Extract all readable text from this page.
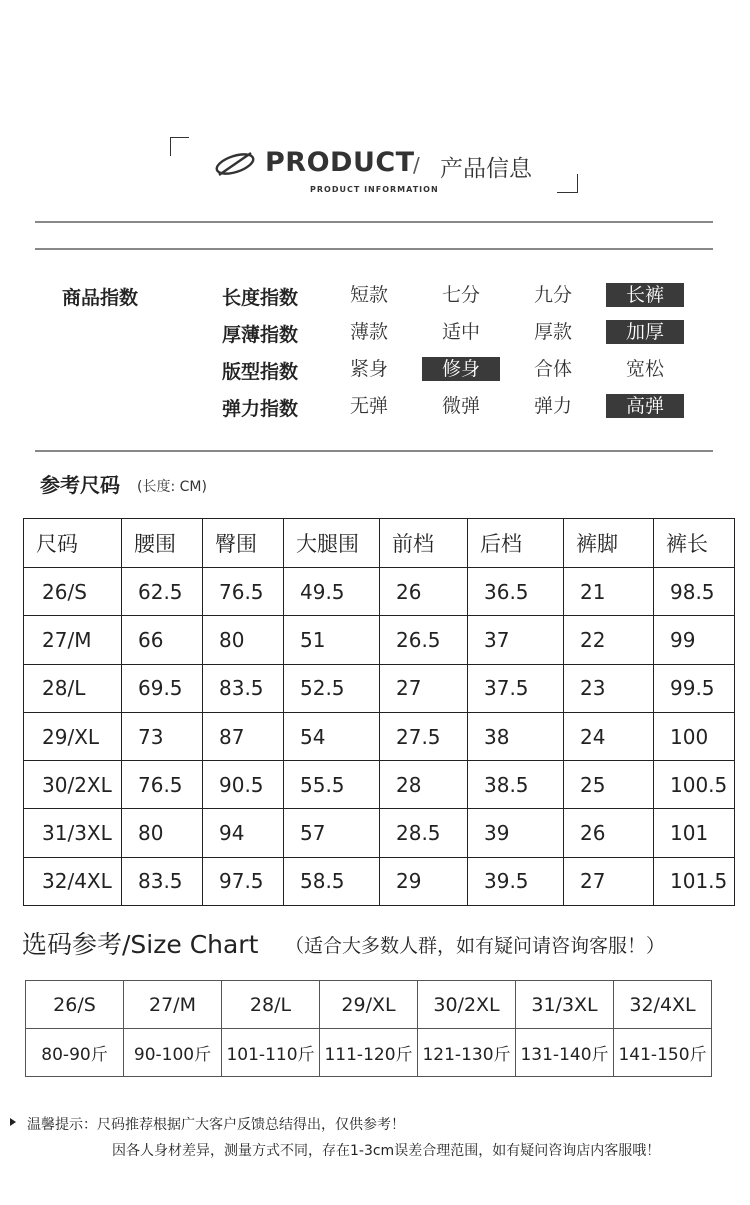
PRODUCT
/ 产品信息
PRODUCT INFORMATION
商品指数	长度指数	短款	七分	九分	长裤
厚薄指数	薄款	适中	厚款	加厚
版型指数	紧身	修身	合体	宽松
弹力指数	无弹	微弹	弹力	高弹
参考尺码 (长度: CM)
尺码	腰围	臀围	大腿围	前档	后档	裤脚	裤长
26/S	62.5	76.5	49.5	26	36.5	21	98.5
27/M	66	80	51	26.5	37	22	99
28/L	69.5	83.5	52.5	27	37.5	23	99.5
29/XL	73	87	54	27.5	38	24	100
30/2XL	76.5	90.5	55.5	28	38.5	25	100.5
31/3XL	80	94	57	28.5	39	26	101
32/4XL	83.5	97.5	58.5	29	39.5	27	101.5
选码参考/Size Chart （适合大多数人群，如有疑问请咨询客服！）
26/S	27/M	28/L	29/XL	30/2XL	31/3XL	32/4XL
80-90斤	90-100斤	101-110斤	111-120斤	121-130斤	131-140斤	141-150斤
温馨提示：尺码推荐根据广大客户反馈总结得出，仅供参考！
因各人身材差异，测量方式不同，存在1-3cm误差合理范围，如有疑问咨询店内客服哦！
